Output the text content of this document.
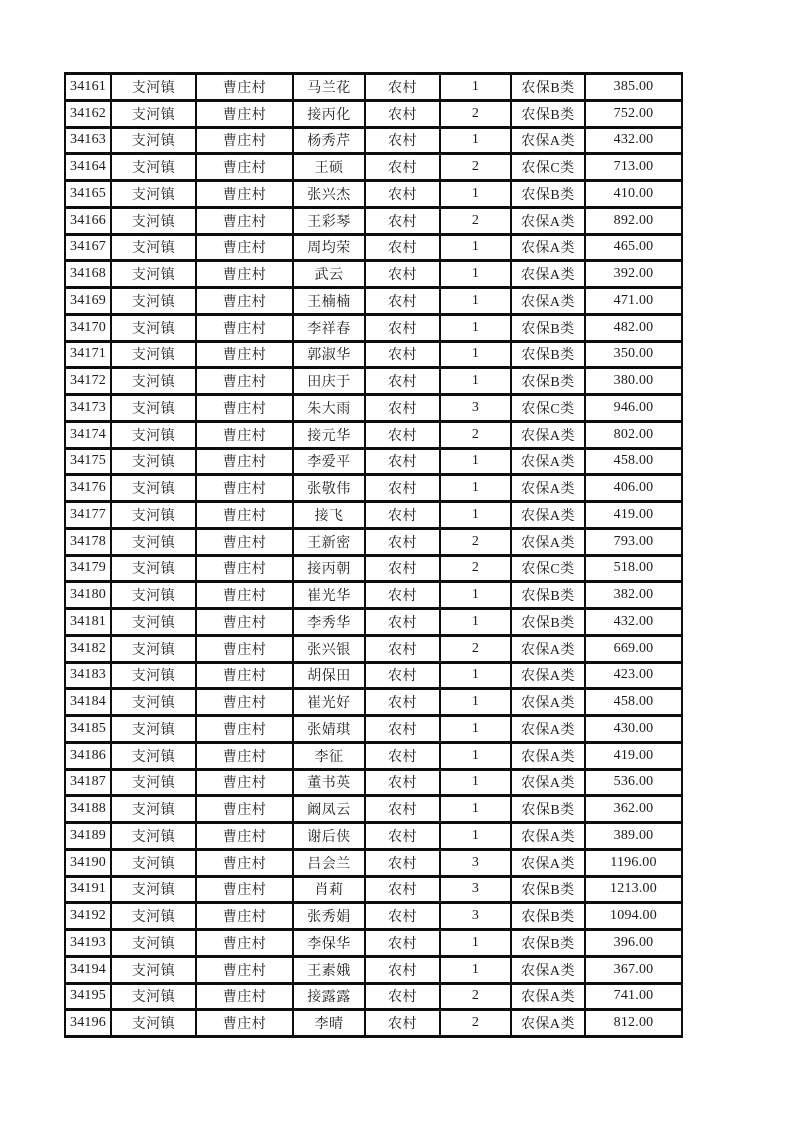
34161	支河镇	曹庄村	马兰花	农村	1	农保B类	385.00
34162	支河镇	曹庄村	接丙化	农村	2	农保B类	752.00
34163	支河镇	曹庄村	杨秀芹	农村	1	农保A类	432.00
34164	支河镇	曹庄村	王硕	农村	2	农保C类	713.00
34165	支河镇	曹庄村	张兴杰	农村	1	农保B类	410.00
34166	支河镇	曹庄村	王彩琴	农村	2	农保A类	892.00
34167	支河镇	曹庄村	周均荣	农村	1	农保A类	465.00
34168	支河镇	曹庄村	武云	农村	1	农保A类	392.00
34169	支河镇	曹庄村	王楠楠	农村	1	农保A类	471.00
34170	支河镇	曹庄村	李祥春	农村	1	农保B类	482.00
34171	支河镇	曹庄村	郭淑华	农村	1	农保B类	350.00
34172	支河镇	曹庄村	田庆于	农村	1	农保B类	380.00
34173	支河镇	曹庄村	朱大雨	农村	3	农保C类	946.00
34174	支河镇	曹庄村	接元华	农村	2	农保A类	802.00
34175	支河镇	曹庄村	李爱平	农村	1	农保A类	458.00
34176	支河镇	曹庄村	张敬伟	农村	1	农保A类	406.00
34177	支河镇	曹庄村	接飞	农村	1	农保A类	419.00
34178	支河镇	曹庄村	王新密	农村	2	农保A类	793.00
34179	支河镇	曹庄村	接丙朝	农村	2	农保C类	518.00
34180	支河镇	曹庄村	崔光华	农村	1	农保B类	382.00
34181	支河镇	曹庄村	李秀华	农村	1	农保B类	432.00
34182	支河镇	曹庄村	张兴银	农村	2	农保A类	669.00
34183	支河镇	曹庄村	胡保田	农村	1	农保A类	423.00
34184	支河镇	曹庄村	崔光好	农村	1	农保A类	458.00
34185	支河镇	曹庄村	张婧琪	农村	1	农保A类	430.00
34186	支河镇	曹庄村	李征	农村	1	农保A类	419.00
34187	支河镇	曹庄村	董书英	农村	1	农保A类	536.00
34188	支河镇	曹庄村	阚凤云	农村	1	农保B类	362.00
34189	支河镇	曹庄村	谢后侠	农村	1	农保A类	389.00
34190	支河镇	曹庄村	吕会兰	农村	3	农保A类	1196.00
34191	支河镇	曹庄村	肖莉	农村	3	农保B类	1213.00
34192	支河镇	曹庄村	张秀娟	农村	3	农保B类	1094.00
34193	支河镇	曹庄村	李保华	农村	1	农保B类	396.00
34194	支河镇	曹庄村	王素娥	农村	1	农保A类	367.00
34195	支河镇	曹庄村	接露露	农村	2	农保A类	741.00
34196	支河镇	曹庄村	李晴	农村	2	农保A类	812.00
